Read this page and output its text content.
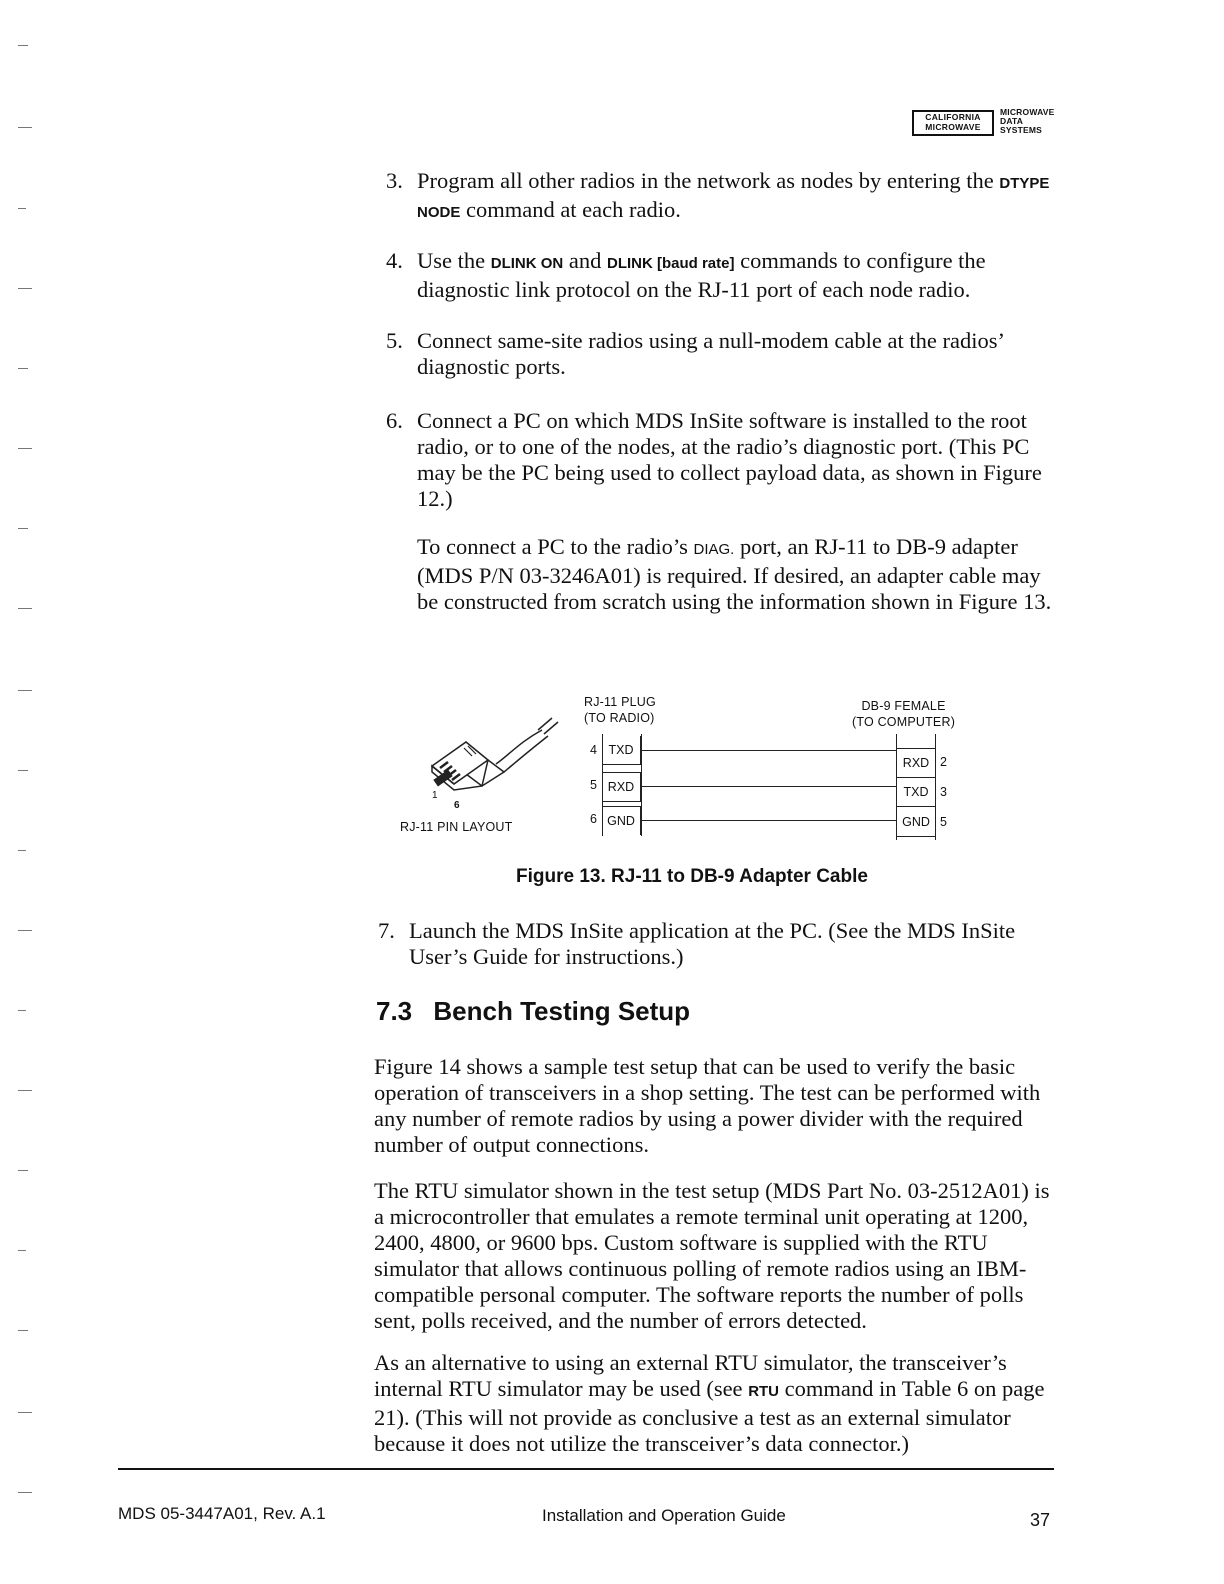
CALIFORNIA
MICROWAVE
MICROWAVE
DATA
SYSTEMS
3. Program all other radios in the network as nodes by entering the DTYPE NODE command at each radio.
4. Use the DLINK ON and DLINK [baud rate] commands to configure the diagnostic link protocol on the RJ-11 port of each node radio.
5. Connect same-site radios using a null-modem cable at the radios’ diagnostic ports.
6. Connect a PC on which MDS InSite software is installed to the root radio, or to one of the nodes, at the radio’s diagnostic port. (This PC may be the PC being used to collect payload data, as shown in Figure 12.)
To connect a PC to the radio’s DIAG. port, an RJ-11 to DB-9 adapter (MDS P/N 03-3246A01) is required. If desired, an adapter cable may be constructed from scratch using the information shown in Figure 13.
1
6
RJ-11 PIN LAYOUT
RJ-11 PLUG
(TO RADIO)
DB-9 FEMALE
(TO COMPUTER)
4
5
6
TXD
RXD
GND
RXD
TXD
GND
2
3
5
Figure 13. RJ-11 to DB-9 Adapter Cable
7. Launch the MDS InSite application at the PC. (See the MDS InSite User’s Guide for instructions.)
7.3 Bench Testing Setup
Figure 14 shows a sample test setup that can be used to verify the basic operation of transceivers in a shop setting. The test can be performed with any number of remote radios by using a power divider with the required number of output connections.
The RTU simulator shown in the test setup (MDS Part No. 03-2512A01) is a microcontroller that emulates a remote terminal unit operating at 1200, 2400, 4800, or 9600 bps. Custom software is supplied with the RTU simulator that allows continuous polling of remote radios using an IBM-compatible personal computer. The software reports the number of polls sent, polls received, and the number of errors detected.
As an alternative to using an external RTU simulator, the transceiver’s internal RTU simulator may be used (see RTU command in Table 6 on page 21). (This will not provide as conclusive a test as an external simulator because it does not utilize the transceiver’s data connector.)
MDS 05-3447A01, Rev. A.1	Installation and Operation Guide	37
